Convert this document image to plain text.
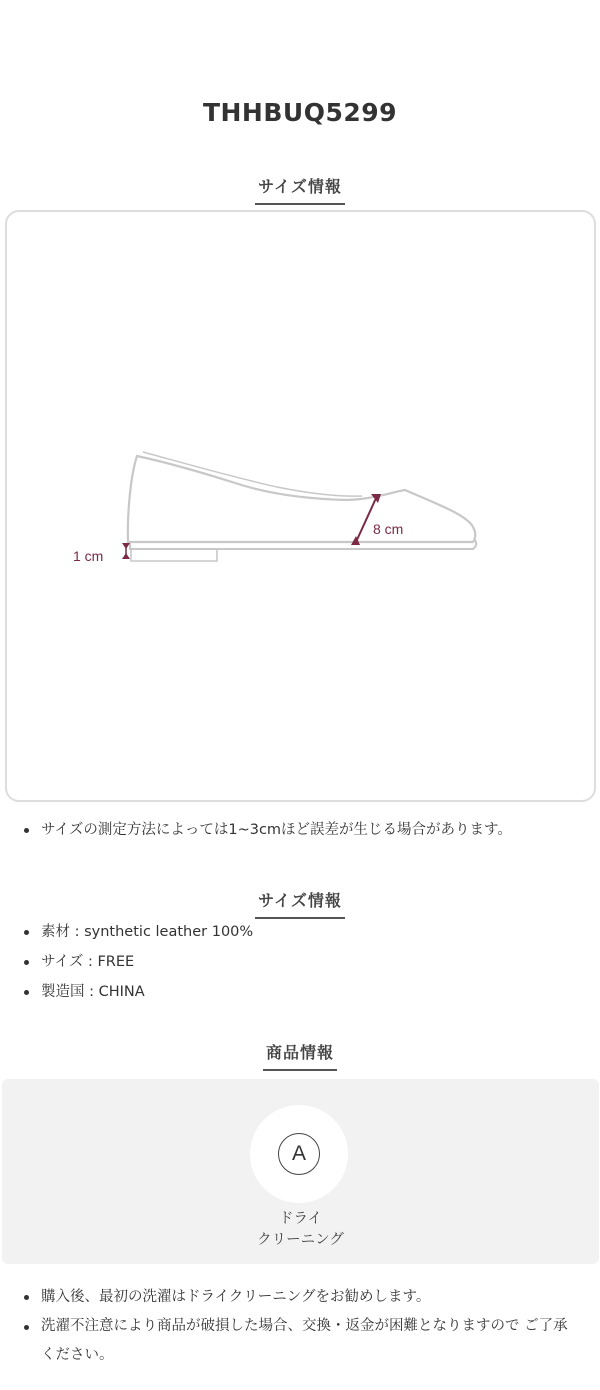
THHBUQ5299
サイズ情報
1 cm
8 cm
サイズの測定方法によっては1~3cmほど誤差が生じる場合があります。
サイズ情報
素材 : synthetic leather 100%
サイズ : FREE
製造国 : CHINA
商品情報
A
ドライ
クリーニング
購入後、最初の洗濯はドライクリーニングをお勧めします。
洗濯不注意により商品が破損した場合、交換・返金が困難となりますので ご了承ください。
